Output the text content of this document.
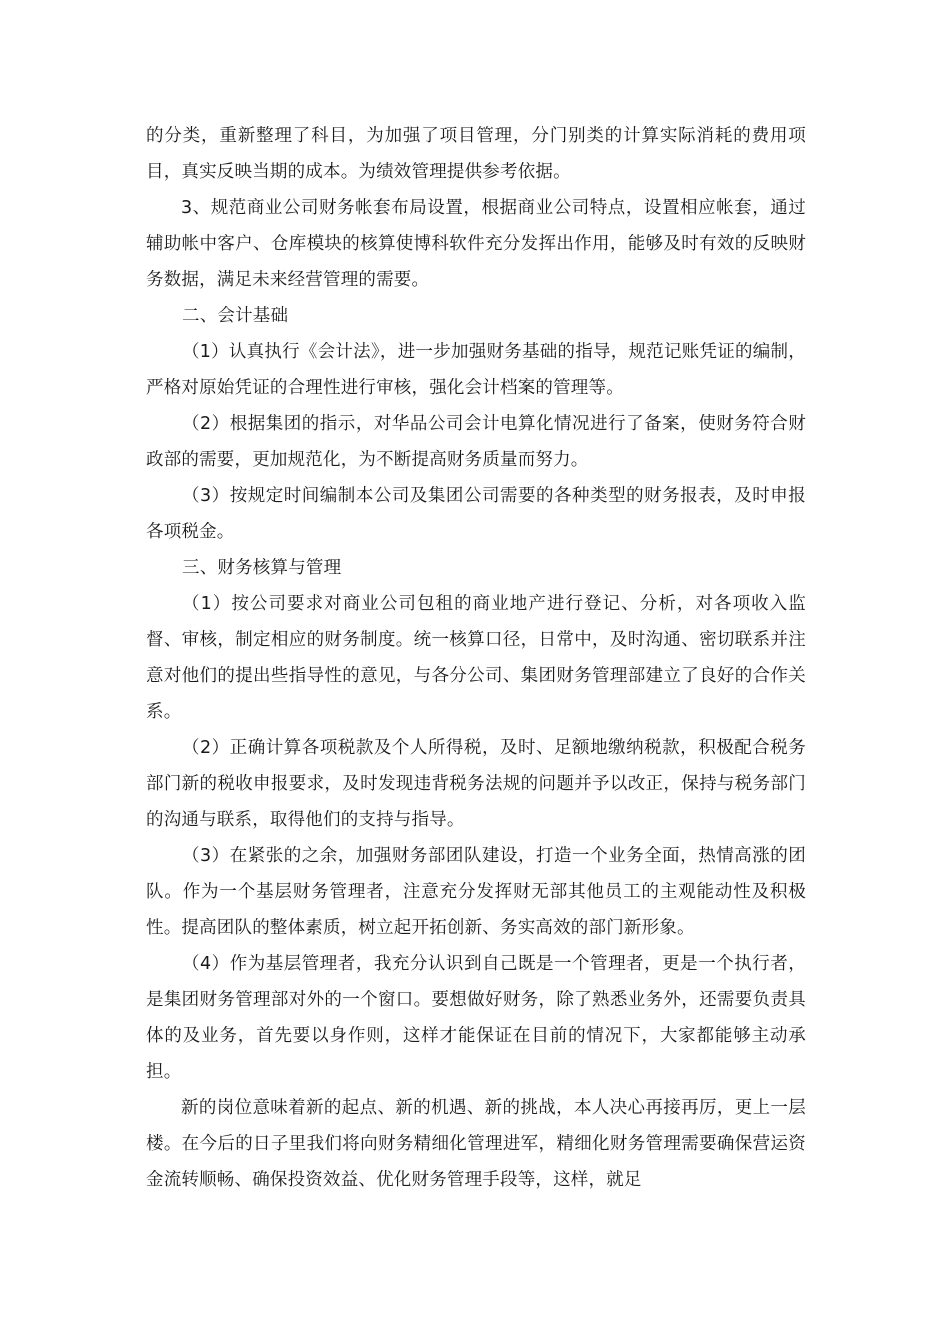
的分类，重新整理了科目，为加强了项目管理，分门别类的计算实际消耗的费用项目，真实反映当期的成本。为绩效管理提供参考依据。

3、规范商业公司财务帐套布局设置，根据商业公司特点，设置相应帐套，通过辅助帐中客户、仓库模块的核算使博科软件充分发挥出作用，能够及时有效的反映财务数据，满足未来经营管理的需要。

二、会计基础

（1）认真执行《会计法》，进一步加强财务基础的指导，规范记账凭证的编制，严格对原始凭证的合理性进行审核，强化会计档案的管理等。

（2）根据集团的指示，对华品公司会计电算化情况进行了备案，使财务符合财政部的需要，更加规范化，为不断提高财务质量而努力。

（3）按规定时间编制本公司及集团公司需要的各种类型的财务报表，及时申报各项税金。

三、财务核算与管理

（1）按公司要求对商业公司包租的商业地产进行登记、分析，对各项收入监督、审核，制定相应的财务制度。统一核算口径，日常中，及时沟通、密切联系并注意对他们的提出些指导性的意见，与各分公司、集团财务管理部建立了良好的合作关系。

（2）正确计算各项税款及个人所得税，及时、足额地缴纳税款，积极配合税务部门新的税收申报要求，及时发现违背税务法规的问题并予以改正，保持与税务部门的沟通与联系，取得他们的支持与指导。

（3）在紧张的之余，加强财务部团队建设，打造一个业务全面，热情高涨的团队。作为一个基层财务管理者，注意充分发挥财无部其他员工的主观能动性及积极性。提高团队的整体素质，树立起开拓创新、务实高效的部门新形象。

（4）作为基层管理者，我充分认识到自己既是一个管理者，更是一个执行者，是集团财务管理部对外的一个窗口。要想做好财务，除了熟悉业务外，还需要负责具体的及业务，首先要以身作则，这样才能保证在目前的情况下，大家都能够主动承担。

新的岗位意味着新的起点、新的机遇、新的挑战，本人决心再接再厉，更上一层楼。在今后的日子里我们将向财务精细化管理进军，精细化财务管理需要确保营运资金流转顺畅、确保投资效益、优化财务管理手段等，这样，就足
